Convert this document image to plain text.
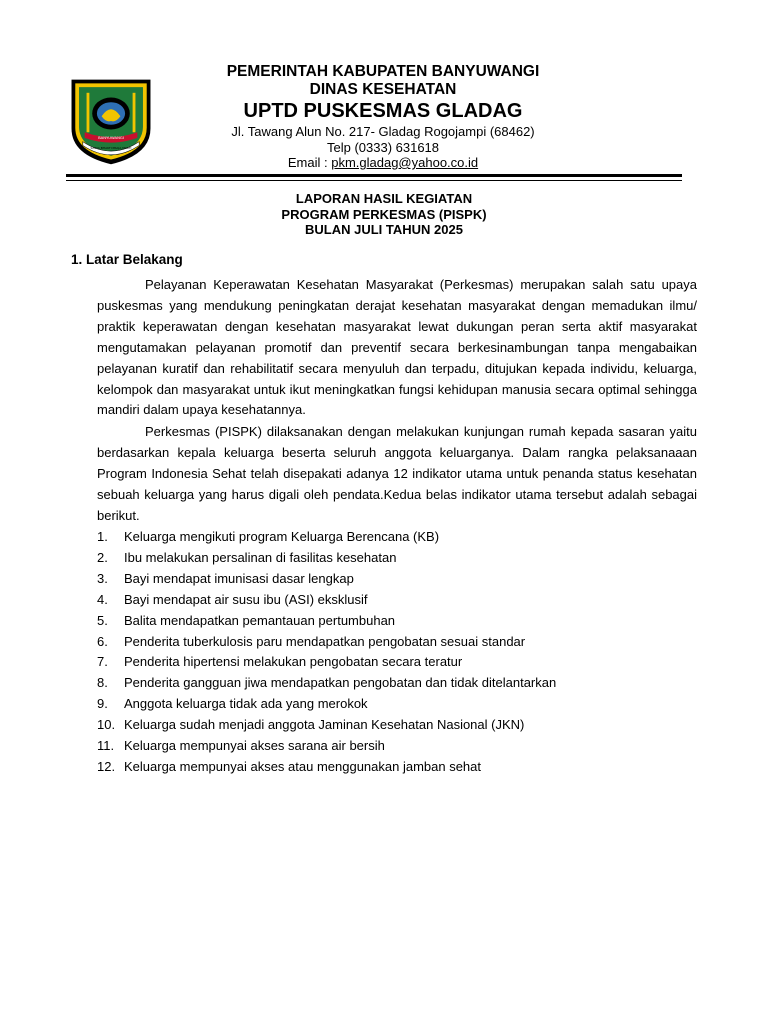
BANYUWANGI
SATYA BHAKTI PRAJA MUKTI
PEMERINTAH KABUPATEN BANYUWANGI
DINAS KESEHATAN
UPTD PUSKESMAS GLADAG
Jl. Tawang Alun No. 217- Gladag Rogojampi (68462)
Telp (0333) 631618
Email : pkm.gladag@yahoo.co.id
LAPORAN HASIL KEGIATAN
PROGRAM PERKESMAS (PISPK)
BULAN JULI TAHUN 2025
1. Latar Belakang

Pelayanan Keperawatan Kesehatan Masyarakat (Perkesmas) merupakan salah satu upaya puskesmas yang mendukung peningkatan derajat kesehatan masyarakat dengan memadukan ilmu/ praktik keperawatan dengan kesehatan masyarakat lewat dukungan peran serta aktif masyarakat mengutamakan pelayanan promotif dan preventif secara berkesinambungan tanpa mengabaikan pelayanan kuratif dan rehabilitatif secara menyuluh dan terpadu, ditujukan kepada individu, keluarga, kelompok dan masyarakat untuk ikut meningkatkan fungsi kehidupan manusia secara optimal sehingga mandiri dalam upaya kesehatannya.

Perkesmas (PISPK) dilaksanakan dengan melakukan kunjungan rumah kepada sasaran yaitu berdasarkan kepala keluarga beserta seluruh anggota keluarganya. Dalam rangka pelaksanaaan Program Indonesia Sehat telah disepakati adanya 12 indikator utama untuk penanda status kesehatan sebuah keluarga yang harus digali oleh pendata.Kedua belas indikator utama tersebut adalah sebagai berikut.

1.	Keluarga mengikuti program Keluarga Berencana (KB)
2.	Ibu melakukan persalinan di fasilitas kesehatan
3.	Bayi mendapat imunisasi dasar lengkap
4.	Bayi mendapat air susu ibu (ASI) eksklusif
5.	Balita mendapatkan pemantauan pertumbuhan
6.	Penderita tuberkulosis paru mendapatkan pengobatan sesuai standar
7.	Penderita hipertensi melakukan pengobatan secara teratur
8.	Penderita gangguan jiwa mendapatkan pengobatan dan tidak ditelantarkan
9.	Anggota keluarga tidak ada yang merokok
10. Keluarga sudah menjadi anggota Jaminan Kesehatan Nasional (JKN)
11. Keluarga mempunyai akses sarana air bersih
12. Keluarga mempunyai akses atau menggunakan jamban sehat
